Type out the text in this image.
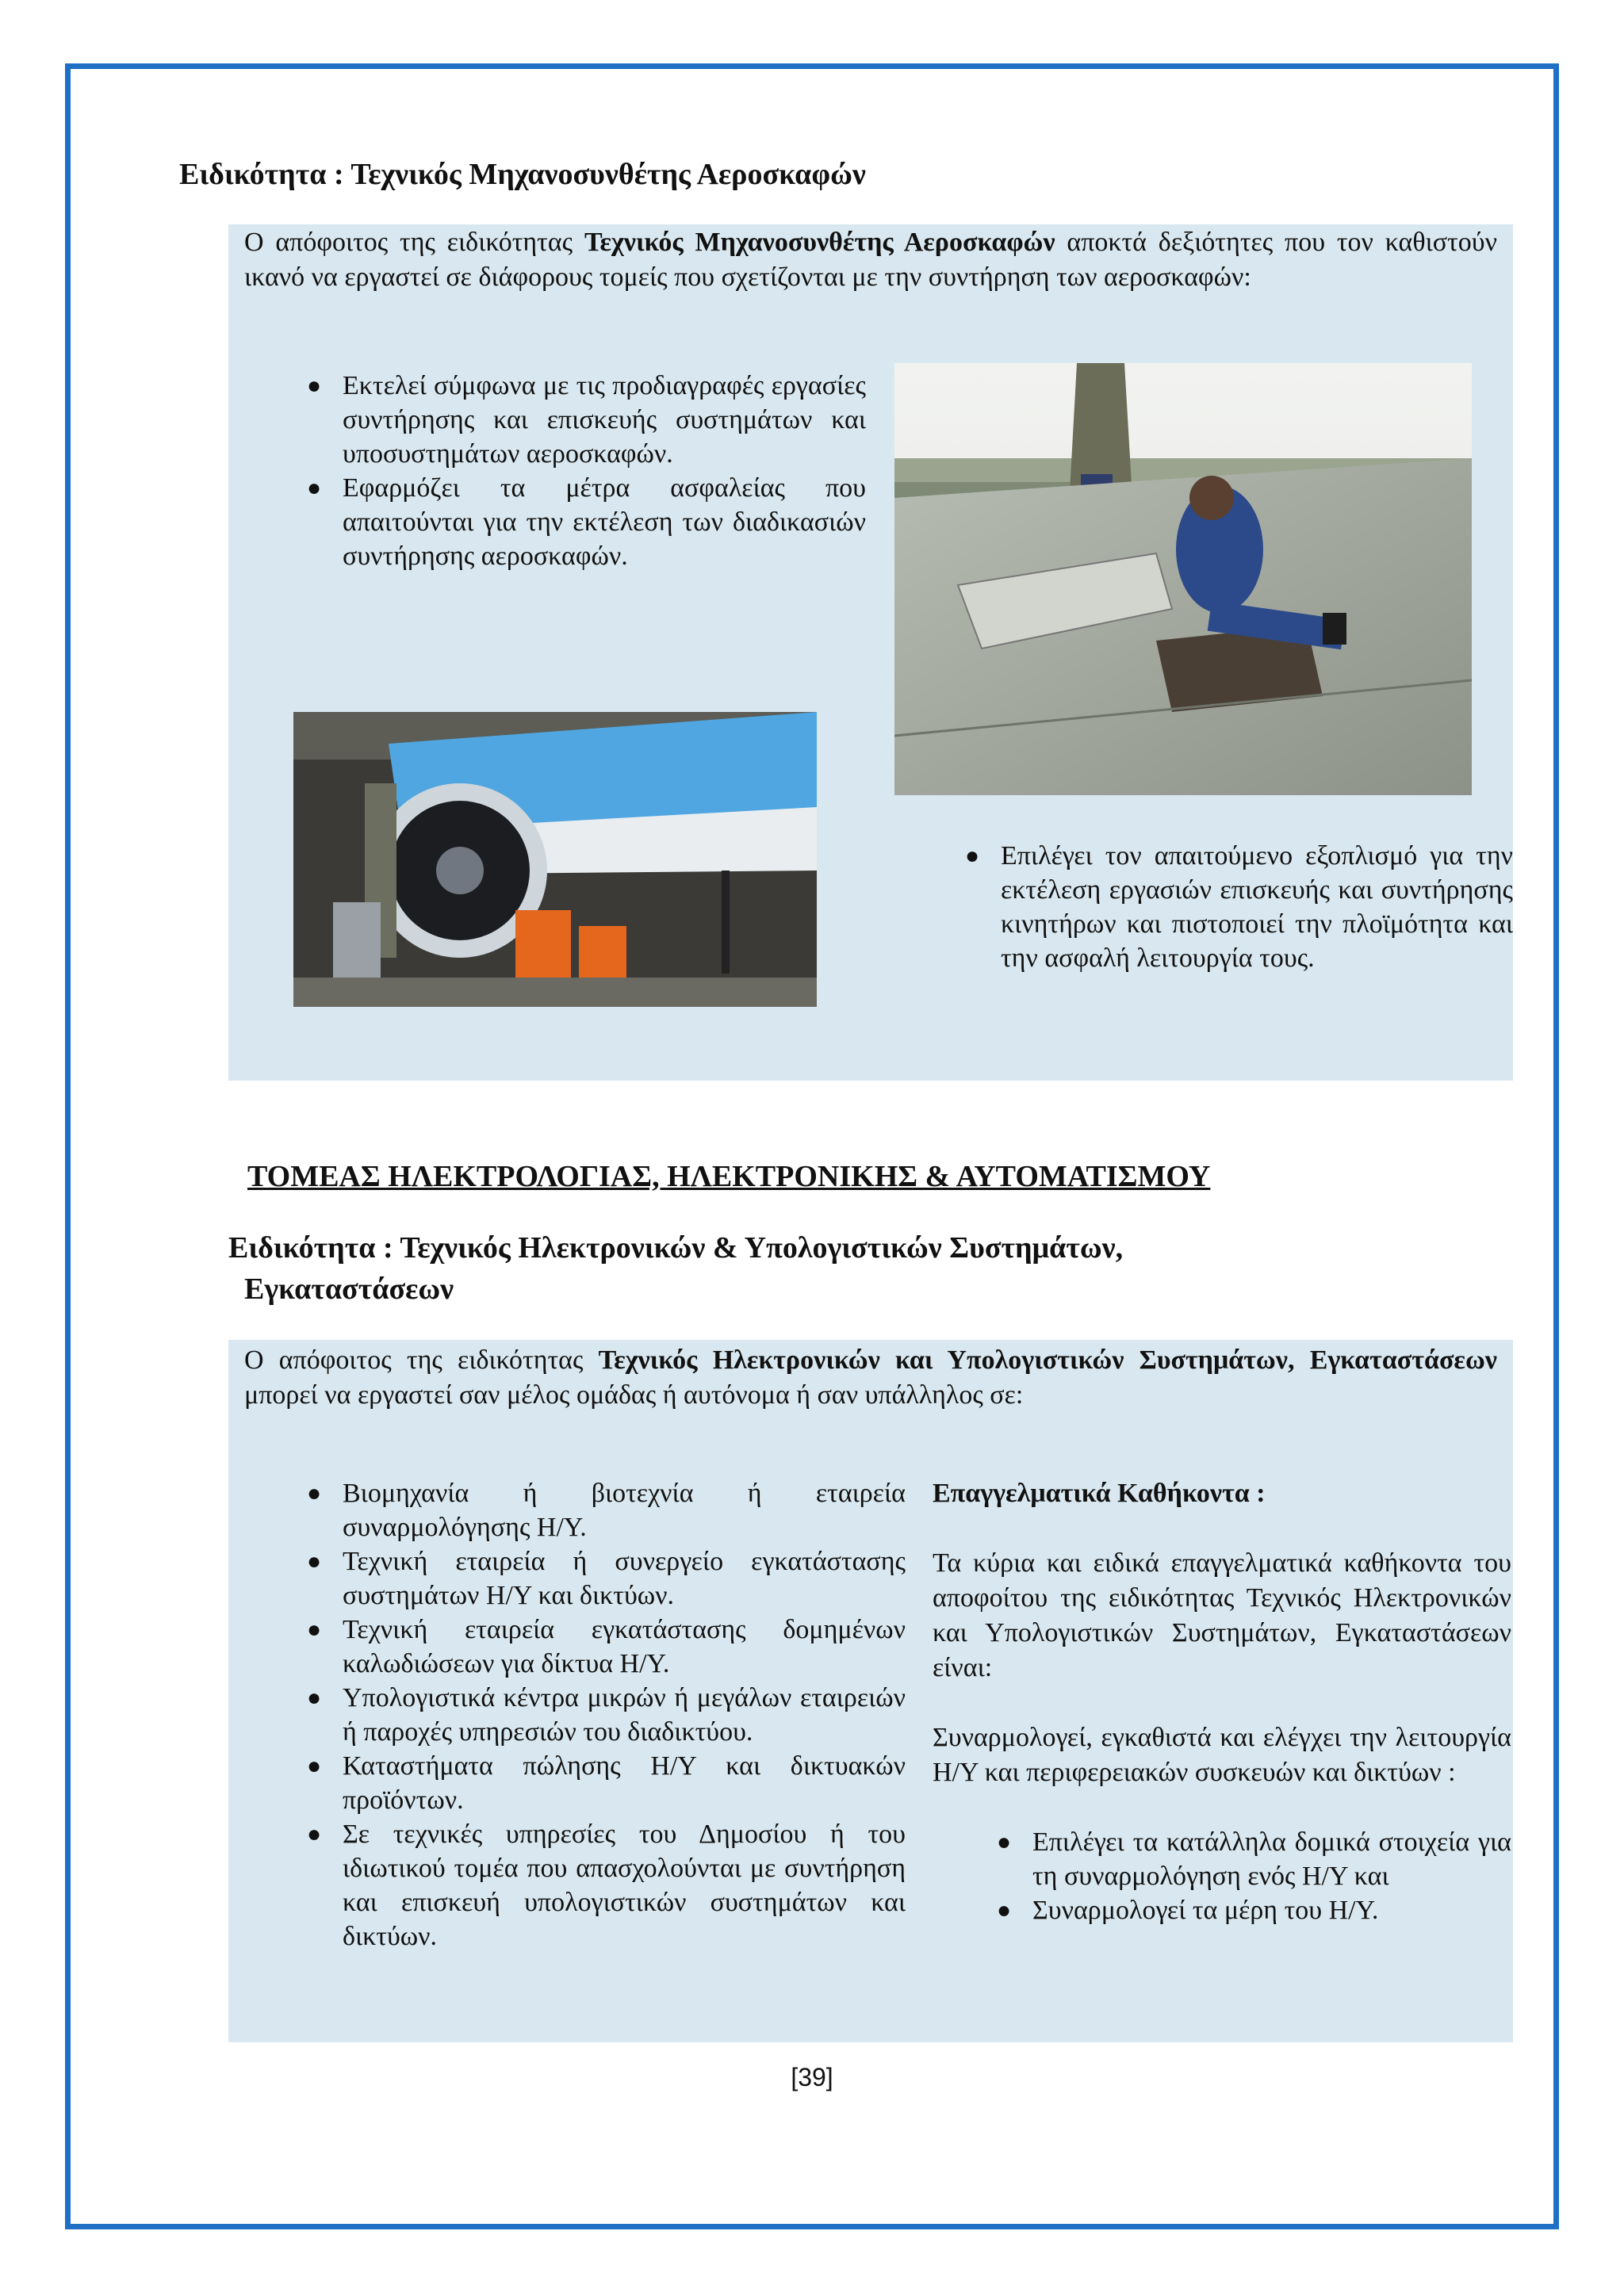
Ειδικότητα : Τεχνικός Μηχανοσυνθέτης Αεροσκαφών
Ο απόφοιτος της ειδικότητας Τεχνικός Μηχανοσυνθέτης Αεροσκαφών αποκτά δεξιότητες που τον καθιστούν ικανό να εργαστεί σε διάφορους τομείς που σχετίζονται με την συντήρηση των αεροσκαφών:
● Εκτελεί σύμφωνα με τις προδιαγραφές εργασίες συντήρησης και επισκευής συστημάτων και υποσυστημάτων αεροσκαφών.
● Εφαρμόζει τα μέτρα ασφαλείας που απαιτούνται για την εκτέλεση των διαδικασιών συντήρησης αεροσκαφών.
● Επιλέγει τον απαιτούμενο εξοπλισμό για την εκτέλεση εργασιών επισκευής και συντήρησης κινητήρων και πιστοποιεί την πλοϊμότητα και την ασφαλή λειτουργία τους.
ΤΟΜΕΑΣ ΗΛΕΚΤΡΟΛΟΓΙΑΣ, ΗΛΕΚΤΡΟΝΙΚΗΣ & ΑΥΤΟΜΑΤΙΣΜΟΥ
Ειδικότητα : Τεχνικός Ηλεκτρονικών & Υπολογιστικών Συστημάτων,
Εγκαταστάσεων
Ο απόφοιτος της ειδικότητας Τεχνικός Ηλεκτρονικών και Υπολογιστικών Συστημάτων, Εγκαταστάσεων μπορεί να εργαστεί σαν μέλος ομάδας ή αυτόνομα ή σαν υπάλληλος σε:
● Βιομηχανία ή βιοτεχνία ή εταιρεία συναρμολόγησης Η/Υ.
● Τεχνική εταιρεία ή συνεργείο εγκατάστασης συστημάτων Η/Υ και δικτύων.
● Τεχνική εταιρεία εγκατάστασης δομημένων καλωδιώσεων για δίκτυα Η/Υ.
● Υπολογιστικά κέντρα μικρών ή μεγάλων εταιρειών ή παροχές υπηρεσιών του διαδικτύου.
● Καταστήματα πώλησης Η/Υ και δικτυακών προϊόντων.
● Σε τεχνικές υπηρεσίες του Δημοσίου ή του ιδιωτικού τομέα που απασχολούνται με συντήρηση και επισκευή υπολογιστικών συστημάτων και δικτύων.
Επαγγελματικά Καθήκοντα :
Τα κύρια και ειδικά επαγγελματικά καθήκοντα του αποφοίτου της ειδικότητας Τεχνικός Ηλεκτρονικών και Υπολογιστικών Συστημάτων, Εγκαταστάσεων είναι:
Συναρμολογεί, εγκαθιστά και ελέγχει την λειτουργία Η/Υ και περιφερειακών συσκευών και δικτύων :
● Επιλέγει τα κατάλληλα δομικά στοιχεία για τη συναρμολόγηση ενός Η/Υ και
● Συναρμολογεί τα μέρη του Η/Υ.
[39]
